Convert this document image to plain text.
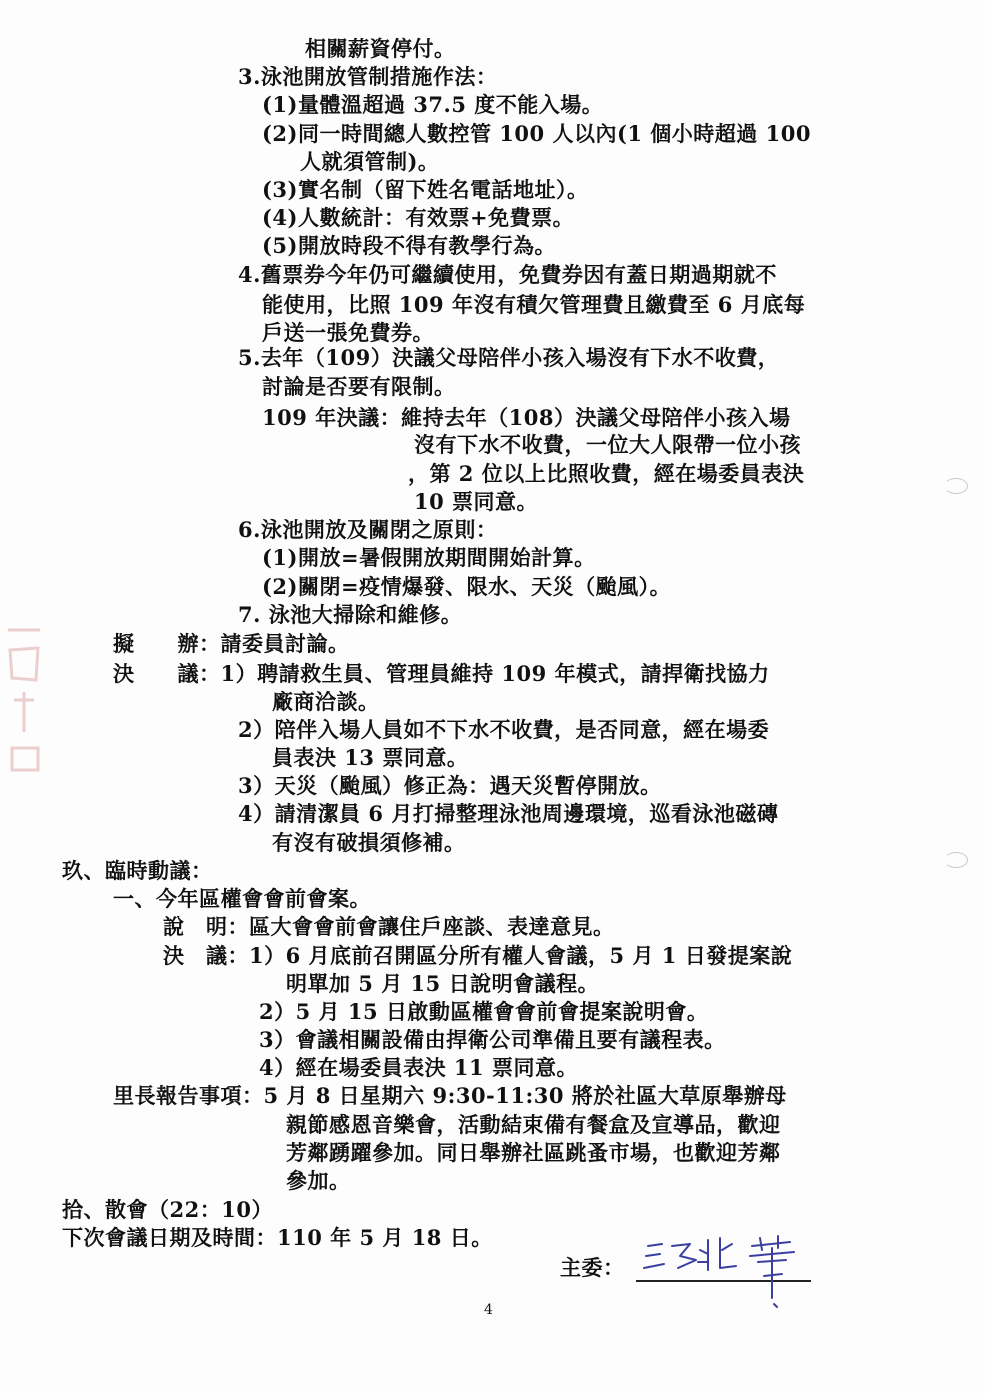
相關薪資停付。
3.泳池開放管制措施作法：
(1)量體溫超過 37.5 度不能入場。
(2)同一時間總人數控管 100 人以內(1 個小時超過 100
人就須管制)。
(3)實名制（留下姓名電話地址）。
(4)人數統計：有效票+免費票。
(5)開放時段不得有教學行為。
4.舊票券今年仍可繼續使用，免費券因有蓋日期過期就不
能使用，比照 109 年沒有積欠管理費且繳費至 6 月底每
戶送一張免費券。
5.去年（109）決議父母陪伴小孩入場沒有下水不收費，
討論是否要有限制。
109 年決議：維持去年（108）決議父母陪伴小孩入場
沒有下水不收費，一位大人限帶一位小孩
，第 2 位以上比照收費，經在場委員表決
10 票同意。
6.泳池開放及關閉之原則：
(1)開放=暑假開放期間開始計算。
(2)關閉=疫情爆發、限水、天災（颱風）。
7. 泳池大掃除和維修。
擬　　辦：請委員討論。
決　　議：1）聘請救生員、管理員維持 109 年模式，請捍衛找協力
廠商洽談。
2）陪伴入場人員如不下水不收費，是否同意，經在場委
員表決 13 票同意。
3）天災（颱風）修正為：遇天災暫停開放。
4）請清潔員 6 月打掃整理泳池周邊環境，巡看泳池磁磚
有沒有破損須修補。
玖、臨時動議：
一、今年區權會會前會案。
說　明：區大會會前會讓住戶座談、表達意見。
決　議：1）6 月底前召開區分所有權人會議，5 月 1 日發提案說
明單加 5 月 15 日說明會議程。
2）5 月 15 日啟動區權會會前會提案說明會。
3）會議相關設備由捍衛公司準備且要有議程表。
4）經在場委員表決 11 票同意。
里長報告事項：5 月 8 日星期六 9:30-11:30 將於社區大草原舉辦母
親節感恩音樂會，活動結束備有餐盒及宣導品，歡迎
芳鄰踴躍參加。同日舉辦社區跳蚤市場，也歡迎芳鄰
參加。
拾、散會（22：10）
下次會議日期及時間：110 年 5 月 18 日。
主委：
4
